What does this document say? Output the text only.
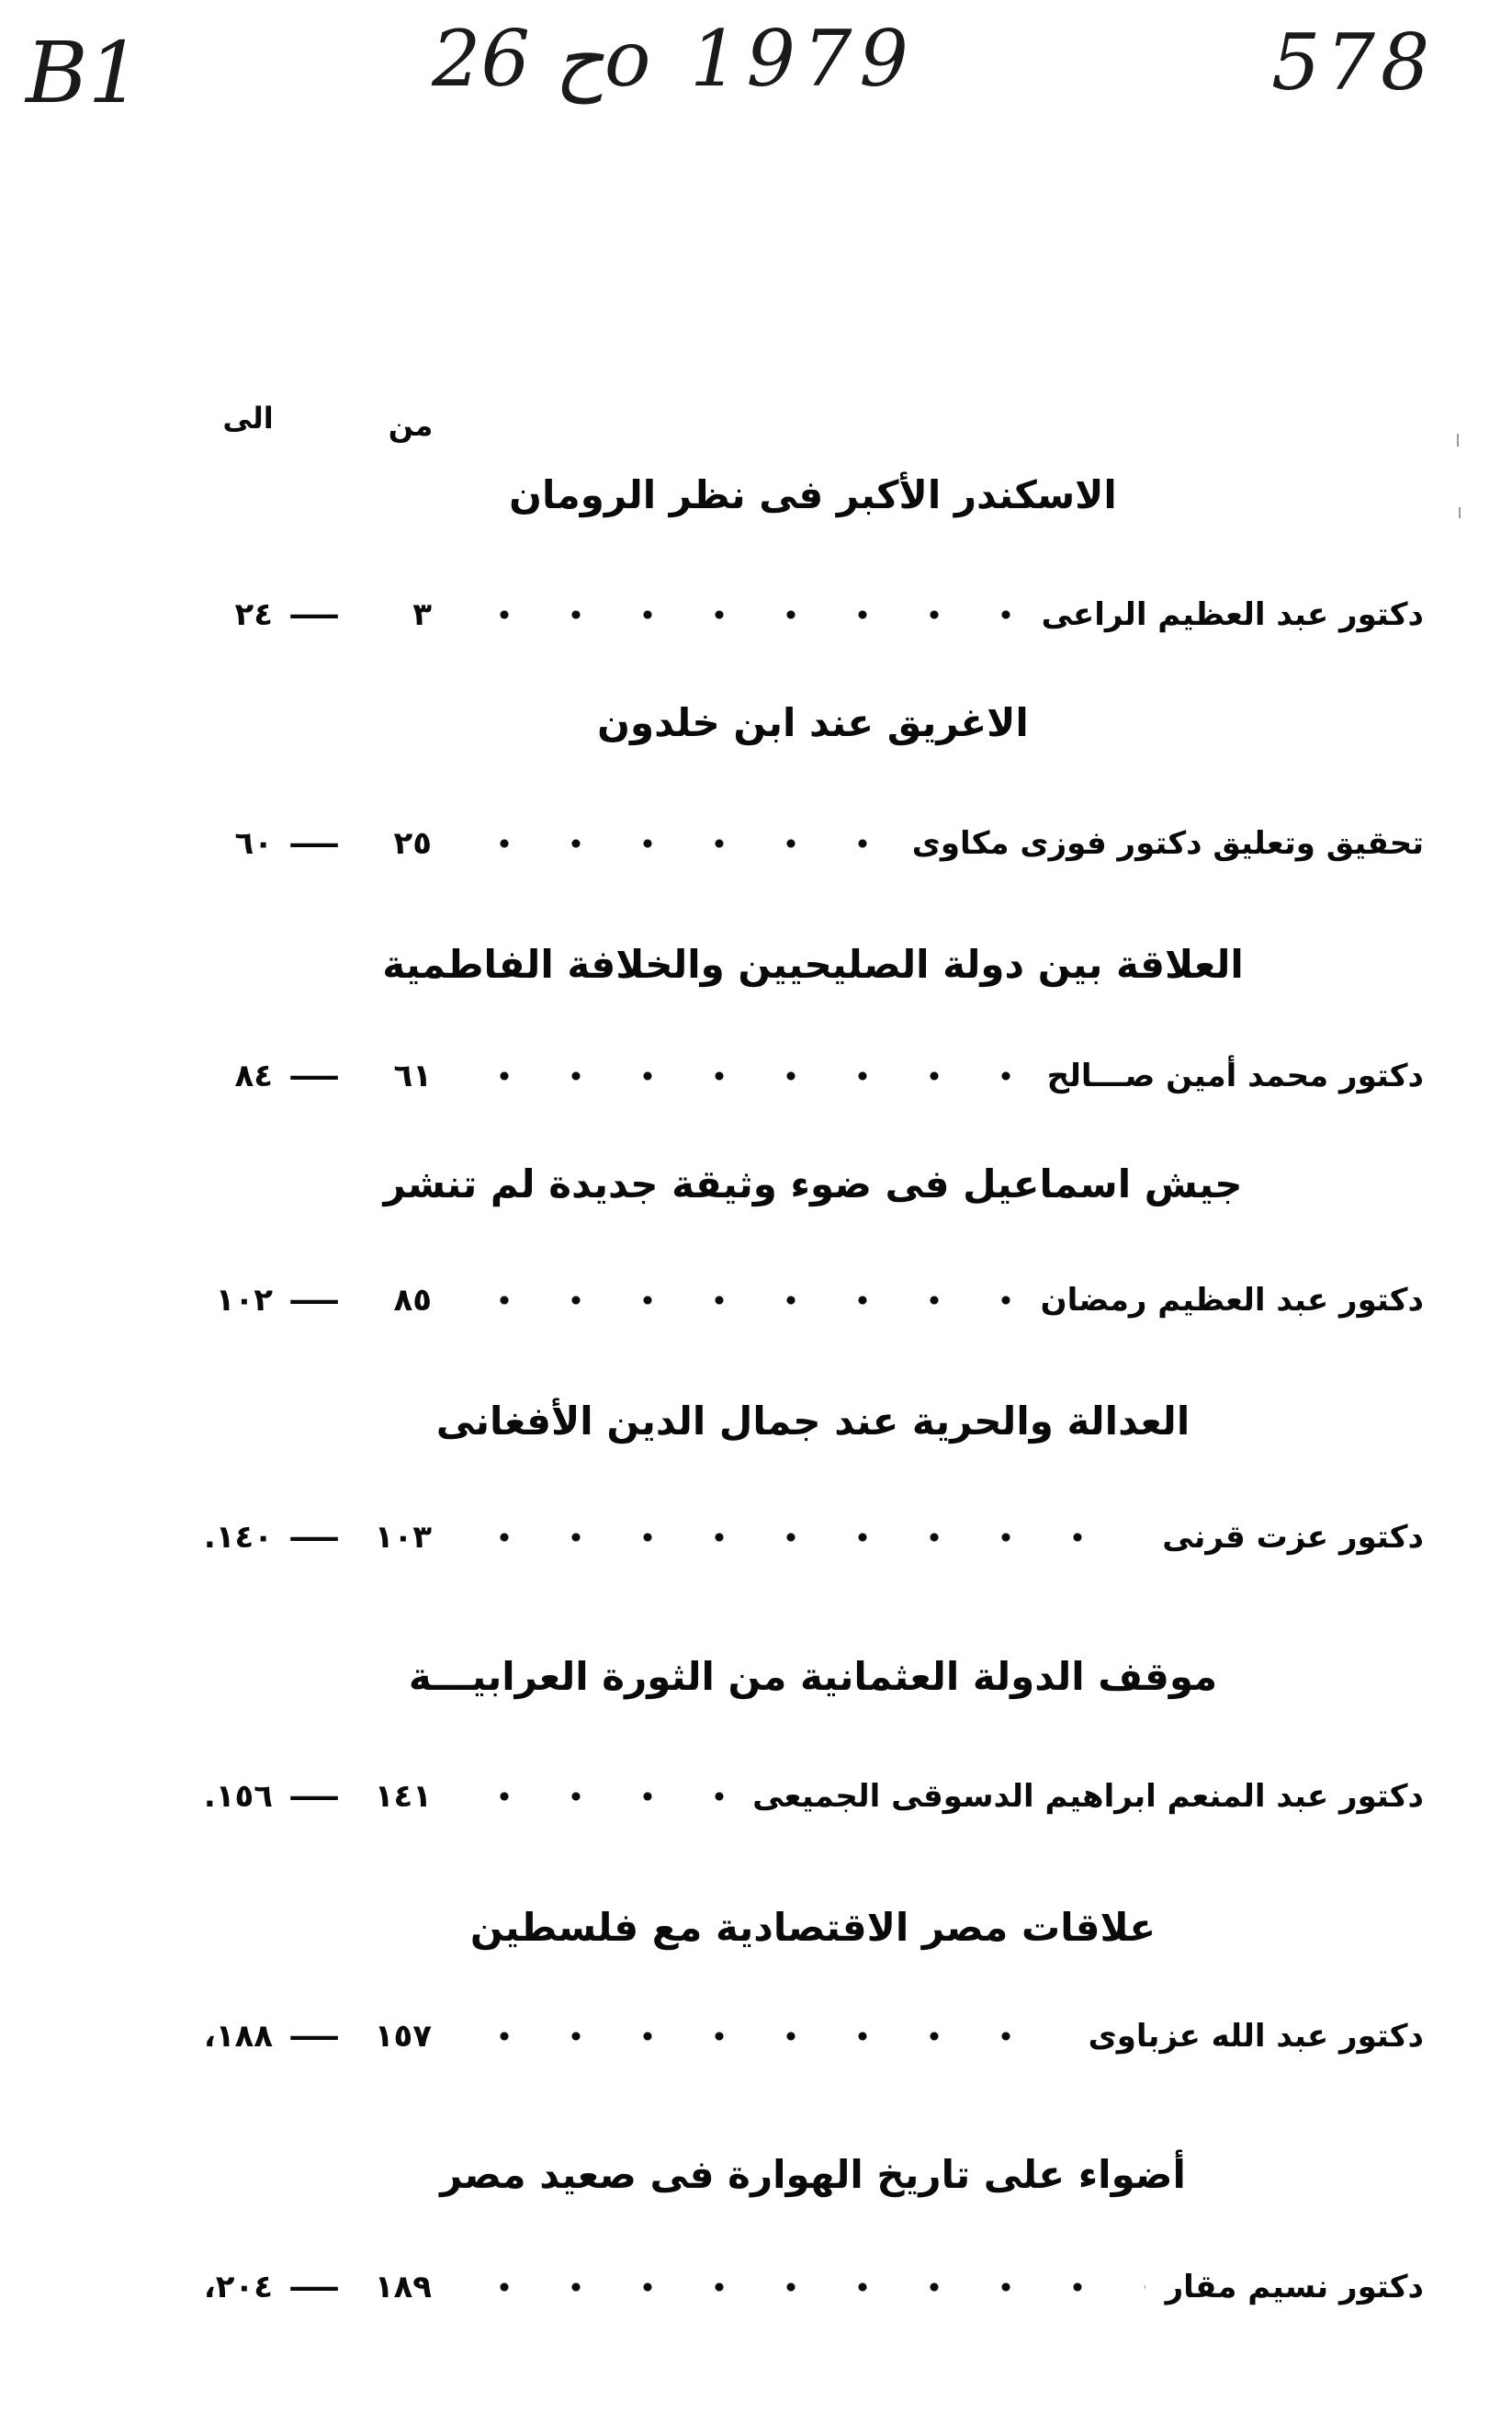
B1	26 حo 1979	578
من
الى
الاسكندر الأكبر فى نظر الرومان
٢٤ —	٣	دكتور عبد العظيم الراعى
الاغريق عند ابن خلدون
٦٠ —	٢٥	تحقيق وتعليق دكتور فوزى مكاوى
العلاقة بين دولة الصليحيين والخلافة الفاطمية
٨٤ —	٦١	دكتور محمد أمين صـــالح
جيش اسماعيل فى ضوء وثيقة جديدة لم تنشر
١٠٢ —	٨٥	دكتور عبد العظيم رمضان
العدالة والحرية عند جمال الدين الأفغانى
١٤٠. —	١٠٣	دكتور عزت قرنى
موقف الدولة العثمانية من الثورة العرابيـــة
١٥٦. —	١٤١	دكتور عبد المنعم ابراهيم الدسوقى الجميعى
علاقات مصر الاقتصادية مع فلسطين
١٨٨، —	١٥٧	دكتور عبد الله عزباوى
أضواء على تاريخ الهوارة فى صعيد مصر
٢٠٤، —	١٨٩	دكتور نسيم مقار
